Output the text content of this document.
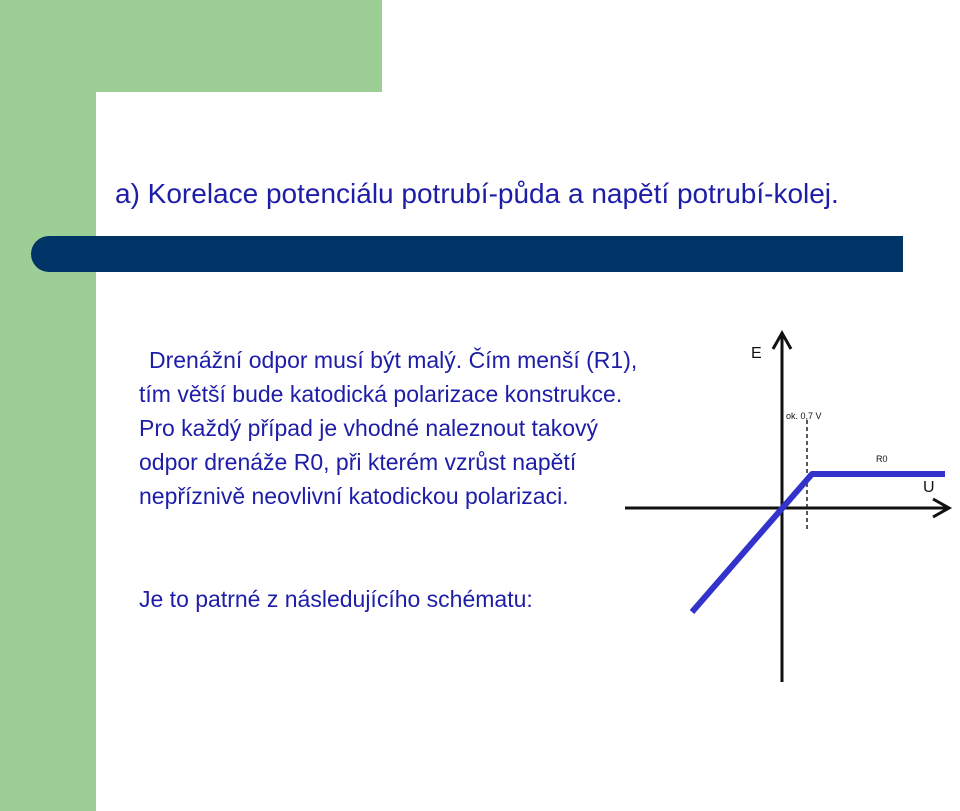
a) Korelace potenciálu potrubí-půda a napětí potrubí-kolej.

Drenážní odpor musí být malý. Čím menší (R1), tím větší bude katodická polarizace konstrukce. Pro každý případ je vhodné naleznout takový odpor drenáže R0, při kterém vzrůst napětí nepříznivě neovlivní katodickou polarizaci.

Je to patrné z následujícího schématu:

E
U
ok. 0,7 V
R0
